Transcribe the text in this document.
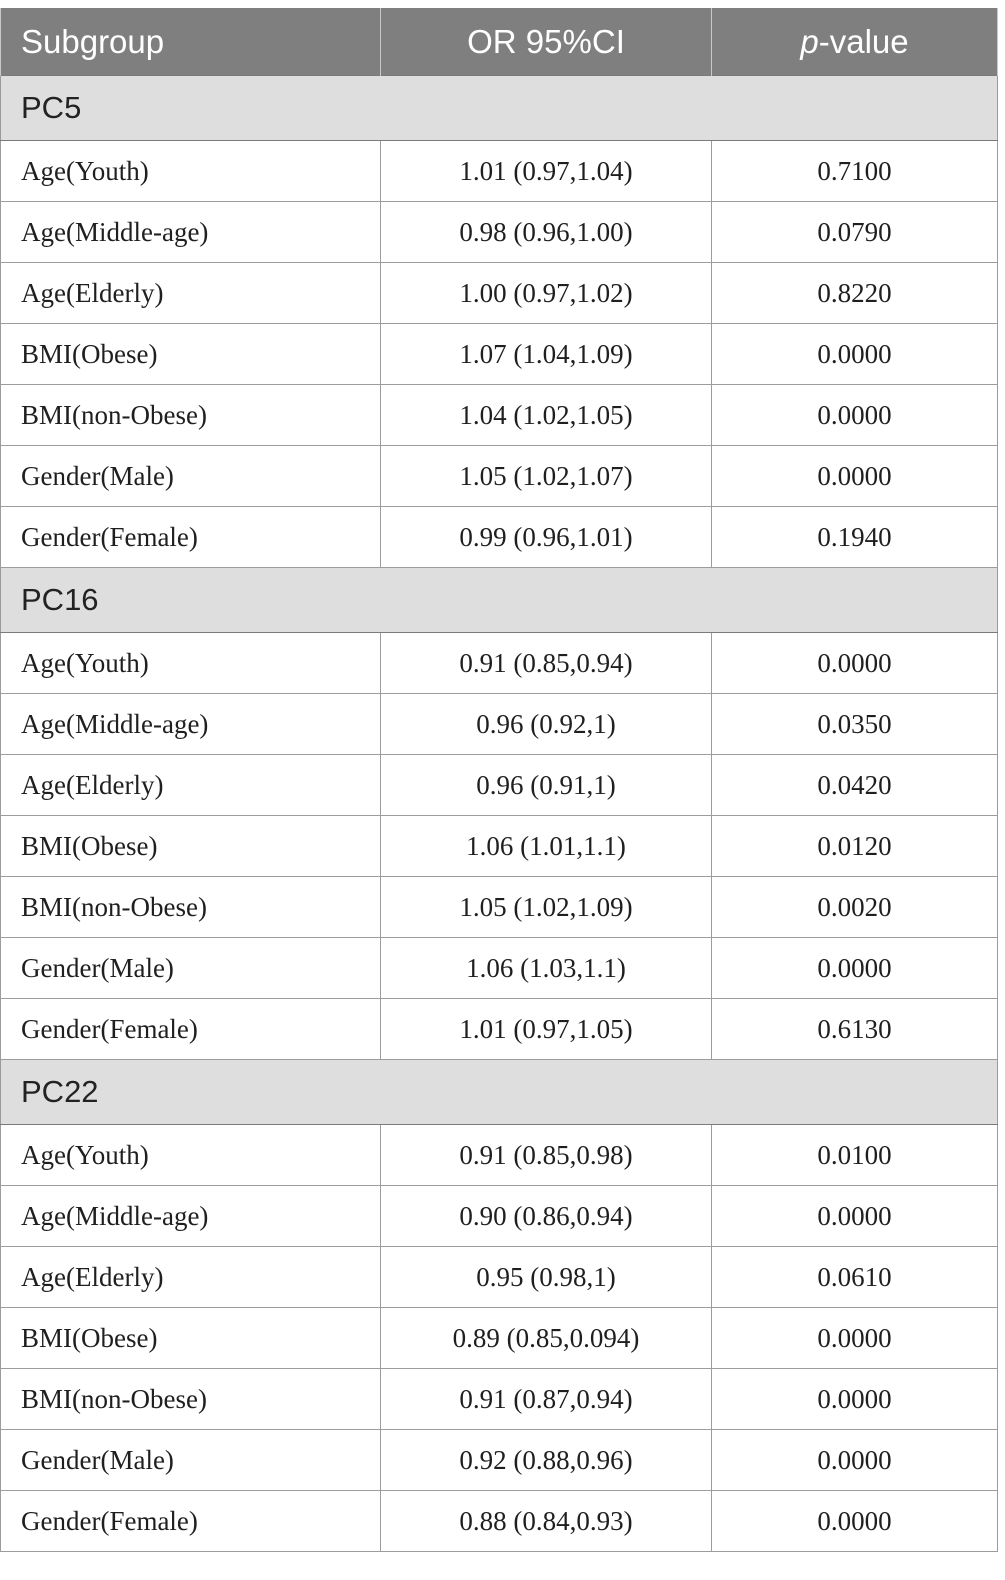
Subgroup	OR 95%CI	p-value
PC5		
Age(Youth)	1.01 (0.97,1.04)	0.7100
Age(Middle-age)	0.98 (0.96,1.00)	0.0790
Age(Elderly)	1.00 (0.97,1.02)	0.8220
BMI(Obese)	1.07 (1.04,1.09)	0.0000
BMI(non-Obese)	1.04 (1.02,1.05)	0.0000
Gender(Male)	1.05 (1.02,1.07)	0.0000
Gender(Female)	0.99 (0.96,1.01)	0.1940
PC16		
Age(Youth)	0.91 (0.85,0.94)	0.0000
Age(Middle-age)	0.96 (0.92,1)	0.0350
Age(Elderly)	0.96 (0.91,1)	0.0420
BMI(Obese)	1.06 (1.01,1.1)	0.0120
BMI(non-Obese)	1.05 (1.02,1.09)	0.0020
Gender(Male)	1.06 (1.03,1.1)	0.0000
Gender(Female)	1.01 (0.97,1.05)	0.6130
PC22		
Age(Youth)	0.91 (0.85,0.98)	0.0100
Age(Middle-age)	0.90 (0.86,0.94)	0.0000
Age(Elderly)	0.95 (0.98,1)	0.0610
BMI(Obese)	0.89 (0.85,0.094)	0.0000
BMI(non-Obese)	0.91 (0.87,0.94)	0.0000
Gender(Male)	0.92 (0.88,0.96)	0.0000
Gender(Female)	0.88 (0.84,0.93)	0.0000
